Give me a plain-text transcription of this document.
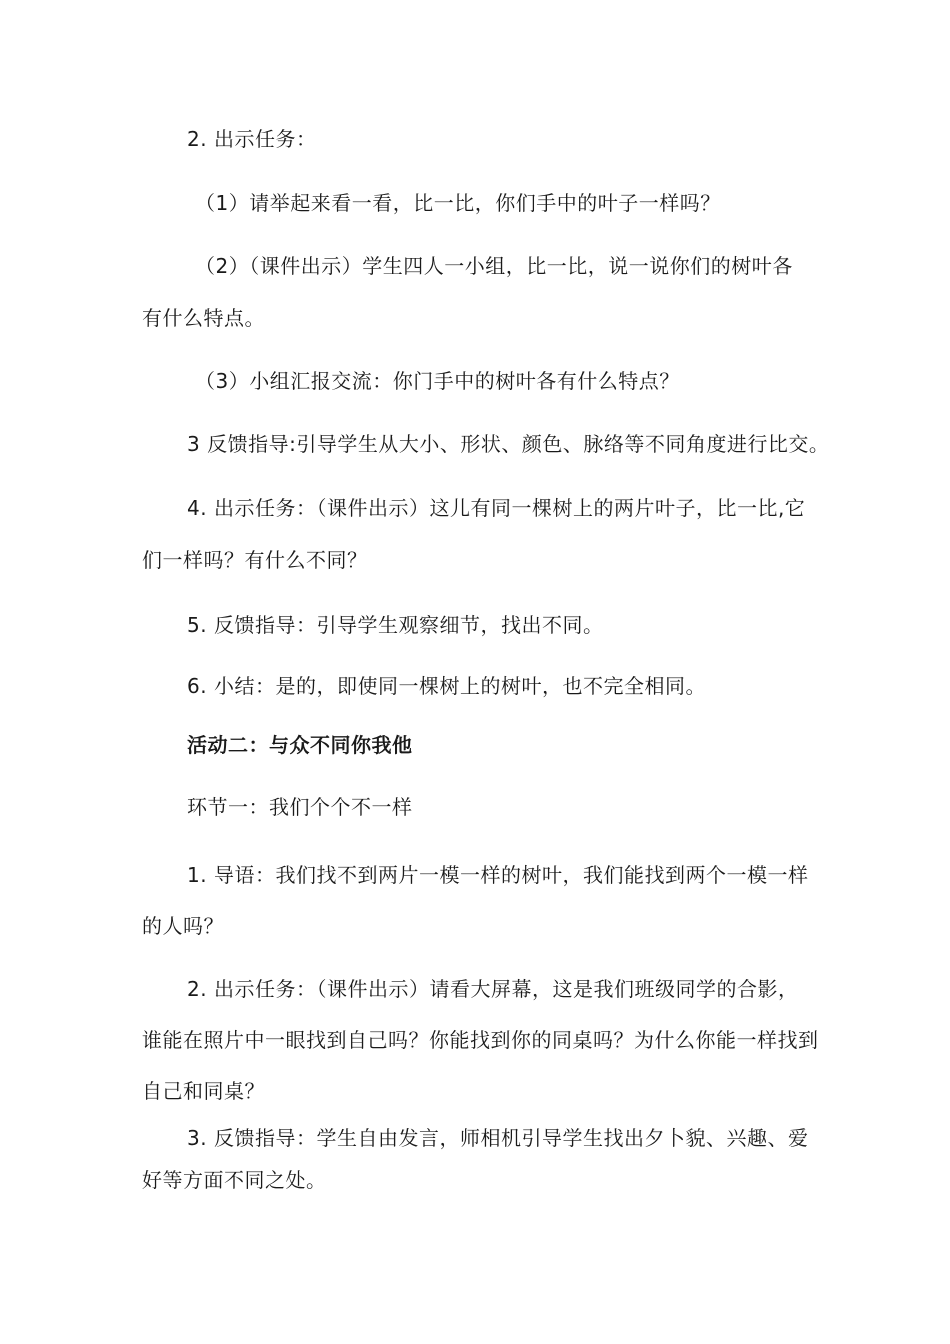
2. 出示任务：
（1）请举起来看一看，比一比，你们手中的叶子一样吗？
（2）（课件出示）学生四人一小组，比一比，说一说你们的树叶各
有什么特点。
（3）小组汇报交流：你门手中的树叶各有什么特点？
3 反馈指导:引导学生从大小、形状、颜色、脉络等不同角度进行比交。
4. 出示任务：（课件出示）这儿有同一棵树上的两片叶子，比一比,它
们一样吗？有什么不同？
5. 反馈指导：引导学生观察细节，找出不同。
6. 小结：是的，即使同一棵树上的树叶，也不完全相同。
活动二：与众不同你我他
环节一：我们个个不一样
1. 导语：我们找不到两片一模一样的树叶，我们能找到两个一模一样
的人吗？
2. 出示任务：（课件出示）请看大屏幕，这是我们班级同学的合影，
谁能在照片中一眼找到自己吗？你能找到你的同桌吗？为什么你能一样找到
自己和同桌？
3. 反馈指导：学生自由发言，师相机引导学生找出夕卜貌、兴趣、爱
好等方面不同之处。
